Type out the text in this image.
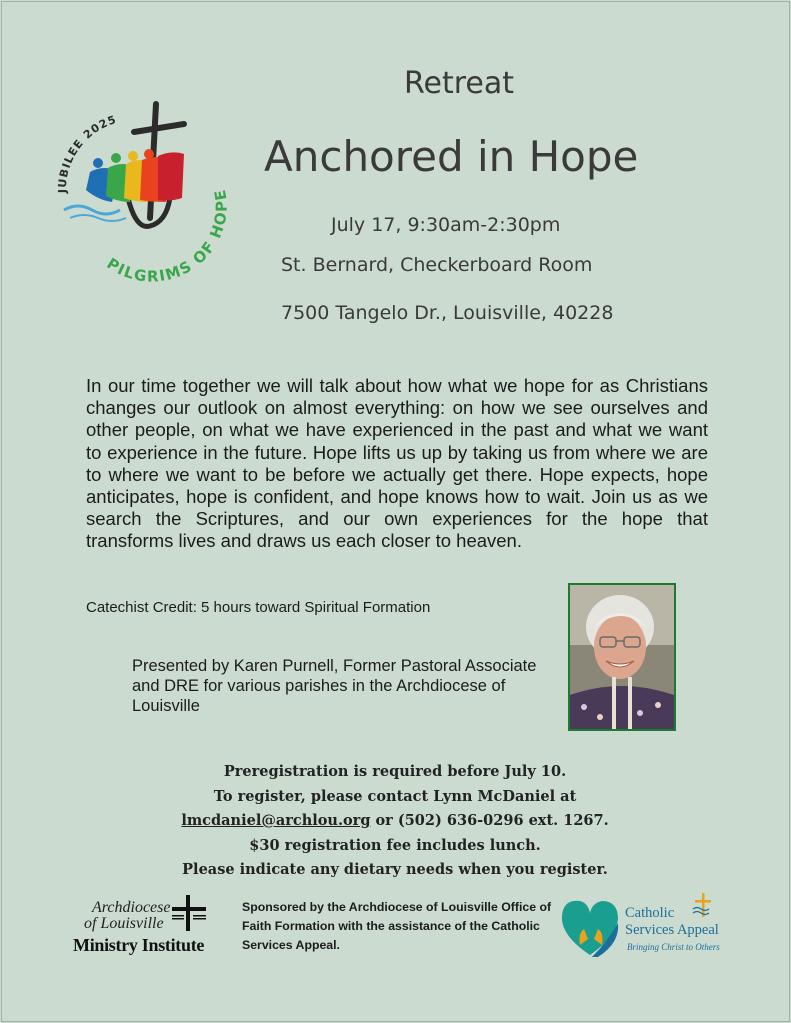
JUBILEE 2025
PILGRIMS OF HOPE
Retreat
Anchored in Hope
July 17, 9:30am-2:30pm
St. Bernard, Checkerboard Room
7500 Tangelo Dr., Louisville, 40228
In our time together we will talk about how what we hope for as Christians changes our outlook on almost everything: on how we see ourselves and other people, on what we have experienced in the past and what we want to experience in the future. Hope lifts us up by taking us from where we are to where we want to be before we actually get there. Hope expects, hope anticipates, hope is confident, and hope knows how to wait. Join us as we search the Scriptures, and our own experiences for the hope that transforms lives and draws us each closer to heaven.
Catechist Credit: 5 hours toward Spiritual Formation
Presented by Karen Purnell, Former Pastoral Associate and DRE for various parishes in the Archdiocese of Louisville
Preregistration is required before July 10.
To register, please contact Lynn McDaniel at
lmcdaniel@archlou.org or (502) 636-0296 ext. 1267.
$30 registration fee includes lunch.
Please indicate any dietary needs when you register.
Archdiocese
of Louisville
Ministry Institute
Sponsored by the Archdiocese of Louisville Office of Faith Formation with the assistance of the Catholic Services Appeal.
Catholic
Services Appeal
Bringing Christ to Others
